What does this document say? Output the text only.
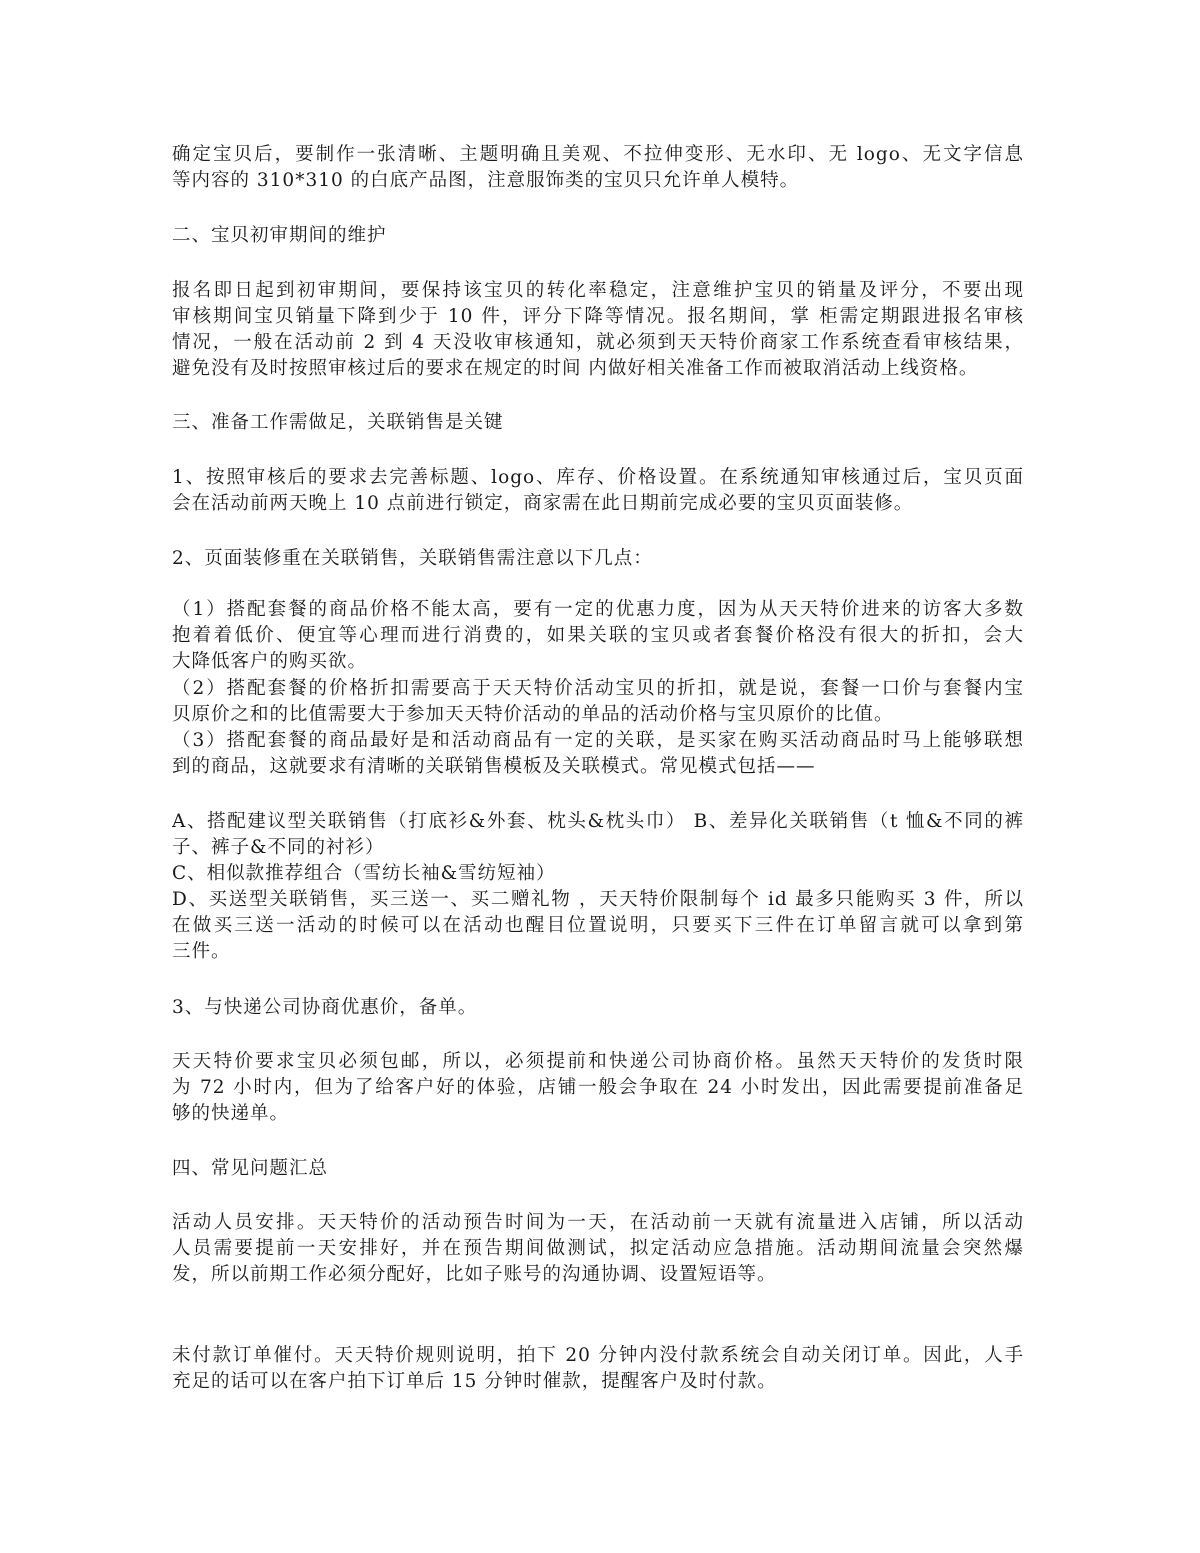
确定宝贝后，要制作一张清晰、主题明确且美观、不拉伸变形、无水印、无 logo、无文字信息
等内容的 310*310 的白底产品图，注意服饰类的宝贝只允许单人模特。
二、宝贝初审期间的维护
报名即日起到初审期间，要保持该宝贝的转化率稳定，注意维护宝贝的销量及评分，不要出现
审核期间宝贝销量下降到少于 10 件，评分下降等情况。报名期间，掌 柜需定期跟进报名审核
情况，一般在活动前 2 到 4 天没收审核通知，就必须到天天特价商家工作系统查看审核结果，
避免没有及时按照审核过后的要求在规定的时间 内做好相关准备工作而被取消活动上线资格。
三、准备工作需做足，关联销售是关键
1、按照审核后的要求去完善标题、logo、库存、价格设置。在系统通知审核通过后，宝贝页面
会在活动前两天晚上 10 点前进行锁定，商家需在此日期前完成必要的宝贝页面装修。
2、页面装修重在关联销售，关联销售需注意以下几点：
（1）搭配套餐的商品价格不能太高，要有一定的优惠力度，因为从天天特价进来的访客大多数
抱着着低价、便宜等心理而进行消费的，如果关联的宝贝或者套餐价格没有很大的折扣，会大
大降低客户的购买欲。
（2）搭配套餐的价格折扣需要高于天天特价活动宝贝的折扣，就是说，套餐一口价与套餐内宝
贝原价之和的比值需要大于参加天天特价活动的单品的活动价格与宝贝原价的比值。
（3）搭配套餐的商品最好是和活动商品有一定的关联，是买家在购买活动商品时马上能够联想
到的商品，这就要求有清晰的关联销售模板及关联模式。常见模式包括——
A、搭配建议型关联销售（打底衫&外套、枕头&枕头巾） B、差异化关联销售（t 恤&不同的裤
子、裤子&不同的衬衫）
C、相似款推荐组合（雪纺长袖&雪纺短袖）
D、买送型关联销售，买三送一、买二赠礼物 ，天天特价限制每个 id 最多只能购买 3 件，所以
在做买三送一活动的时候可以在活动也醒目位置说明，只要买下三件在订单留言就可以拿到第
三件。
3、与快递公司协商优惠价，备单。
天天特价要求宝贝必须包邮，所以，必须提前和快递公司协商价格。虽然天天特价的发货时限
为 72 小时内，但为了给客户好的体验，店铺一般会争取在 24 小时发出，因此需要提前准备足
够的快递单。
四、常见问题汇总
活动人员安排。天天特价的活动预告时间为一天，在活动前一天就有流量进入店铺，所以活动
人员需要提前一天安排好，并在预告期间做测试，拟定活动应急措施。活动期间流量会突然爆
发，所以前期工作必须分配好，比如子账号的沟通协调、设置短语等。
未付款订单催付。天天特价规则说明，拍下 20 分钟内没付款系统会自动关闭订单。因此，人手
充足的话可以在客户拍下订单后 15 分钟时催款，提醒客户及时付款。
